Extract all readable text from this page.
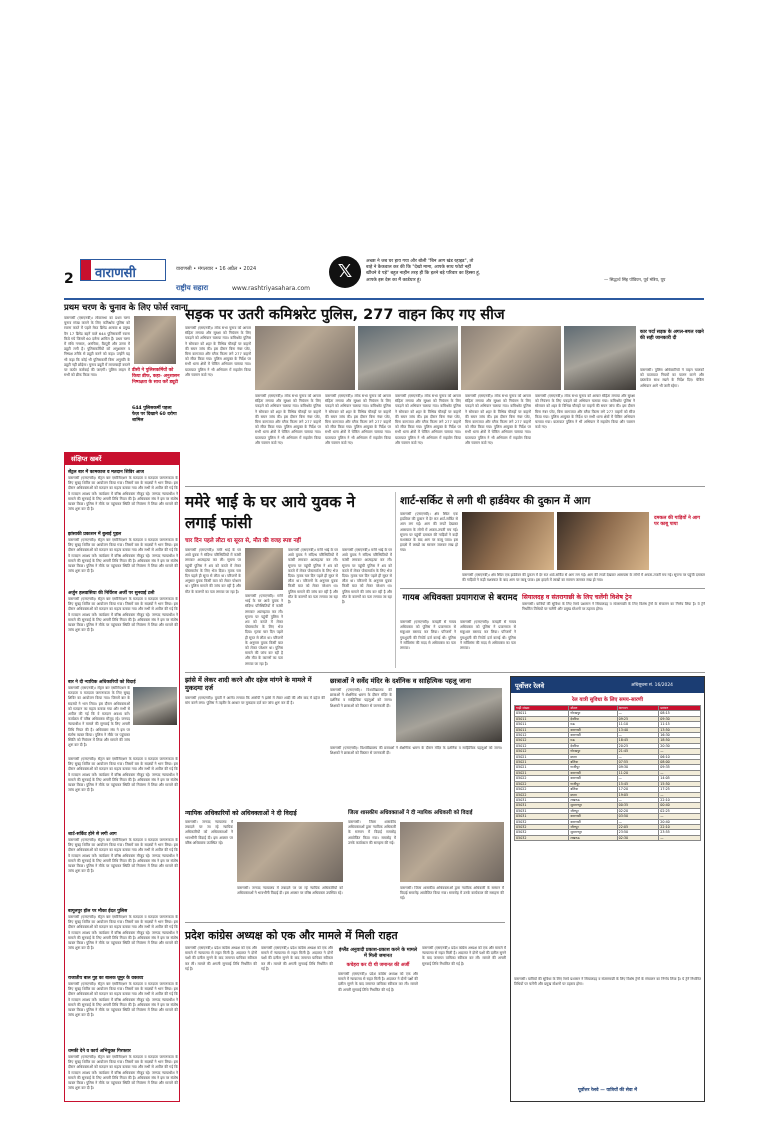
2 वाराणसी	वाराणसी • मंगलवार • 16 अप्रैल • 2024
राष्ट्रीय सहारा	www.rashtriyasahara.com
𝕏	अच्छा ने जब घर हाय गया और बोली "बिन आग खंड रहाइड", तो
बाहे ने कैकवाल कर की कि "देखो मामा, आपके साथ फोटो नहीं
खींचने वे पड़े" बहुत नाहीन तरह ही कि इतने बड़े परिवार का हिस्सा हूं,
आपके इस देस का मैं कार्डधार हूं।	— सिद्धार्थ सिंह पॉडियन, पूर्व मंत्रिय, यूप
प्रथम चरण के चुनाव के लिए फोर्स रवाना
वाराणसी (एसएनबी)। लोकसभा का प्रथम चरण चुनाव संपन्न कराने के लिए कमिश्नरेट पुलिस को रवाना करते में पहले मेरठ ब्रिगेड अलावा 6 प्रमुख वैन 17 ब्रिगेड बहनें वाले 644 पुलिसकर्मी रवाना किये गये जिसमें 60 दरोगा शामिल हैं। प्रथम चरण में संधि नगराल, अनचित्रा, बैंदपुरी और उत्तरा में ड्यूटी लगी है। पुलिसकर्मियों को अनुशासन व निष्पक्ष तरीके से ड्यूटी करने को कहा। उन्होंने यह भी कहा कि कोई भी पुलिसकर्मी बिना अनुमति के ड्यूटी नहीं छोड़ेगा। चुनाव ड्यूटी में लापरवाही बरतने पर कठोर कार्रवाई की जाएगी। पुलिस लाइन में सभी को ब्रीफ किया गया।
डीसी ने पुलिसकर्मियों को किया ब्रीफ, कहा- अनुशासन निष्पक्षता के साथ करें ड्यूटी
644 पुलिसकर्मी पहला फेज़ पर दिखाने 60 दरोगा शामिल
संक्षिप्त खबरें
सेंट्रल बार में कामकाज व मतदान शिविर आज
वाराणसी (एसएनबी)। सेंट्रल बार एसोसिएशन के मतदाता व मतदाता जागरूकता के लिए सुबह शिविर का आयोजन किया गया। जिसमें बार के सदस्यों ने भाग लिया। इस दौरान अधिवक्ताओं को मतदान का महत्व बताया गया और सभी से अपील की गई कि वे मतदान अवश्य करें। कार्यक्रम में वरिष्ठ अधिवक्ता मौजूद रहे। जनपद न्यायाधीश ने मामले की सुनवाई के लिए अगली तिथि नियत की है। अधिवक्ता संघ ने इस पर संतोष व्यक्त किया। पुलिस ने मौके पर पहुंचकर स्थिति को नियंत्रण में लिया और मामले की जांच शुरू कर दी है।
झांसाकी प्रकाशन में बुलाई पुहल
वाराणसी (एसएनबी)। सेंट्रल बार एसोसिएशन के मतदाता व मतदाता जागरूकता के लिए सुबह शिविर का आयोजन किया गया। जिसमें बार के सदस्यों ने भाग लिया। इस दौरान अधिवक्ताओं को मतदान का महत्व बताया गया और सभी से अपील की गई कि वे मतदान अवश्य करें। कार्यक्रम में वरिष्ठ अधिवक्ता मौजूद रहे। जनपद न्यायाधीश ने मामले की सुनवाई के लिए अगली तिथि नियत की है। अधिवक्ता संघ ने इस पर संतोष व्यक्त किया। पुलिस ने मौके पर पहुंचकर स्थिति को नियंत्रण में लिया और मामले की जांच शुरू कर दी है।
अर्जुन हलवासिया की निर्विरज अर्जी पर सुनवाई टली
वाराणसी (एसएनबी)। सेंट्रल बार एसोसिएशन के मतदाता व मतदाता जागरूकता के लिए सुबह शिविर का आयोजन किया गया। जिसमें बार के सदस्यों ने भाग लिया। इस दौरान अधिवक्ताओं को मतदान का महत्व बताया गया और सभी से अपील की गई कि वे मतदान अवश्य करें। कार्यक्रम में वरिष्ठ अधिवक्ता मौजूद रहे। जनपद न्यायाधीश ने मामले की सुनवाई के लिए अगली तिथि नियत की है। अधिवक्ता संघ ने इस पर संतोष व्यक्त किया। पुलिस ने मौके पर पहुंचकर स्थिति को नियंत्रण में लिया और मामले की जांच शुरू कर दी है।
बार ने दी न्यायिक अधिकारियों को विदाई
वाराणसी (एसएनबी)। सेंट्रल बार एसोसिएशन के मतदाता व मतदाता जागरूकता के लिए सुबह शिविर का आयोजन किया गया। जिसमें बार के सदस्यों ने भाग लिया। इस दौरान अधिवक्ताओं को मतदान का महत्व बताया गया और सभी से अपील की गई कि वे मतदान अवश्य करें। कार्यक्रम में वरिष्ठ अधिवक्ता मौजूद रहे। जनपद न्यायाधीश ने मामले की सुनवाई के लिए अगली तिथि नियत की है। अधिवक्ता संघ ने इस पर संतोष व्यक्त किया। पुलिस ने मौके पर पहुंचकर स्थिति को नियंत्रण में लिया और मामले की जांच शुरू कर दी है।
वाराणसी (एसएनबी)। सेंट्रल बार एसोसिएशन के मतदाता व मतदाता जागरूकता के लिए सुबह शिविर का आयोजन किया गया। जिसमें बार के सदस्यों ने भाग लिया। इस दौरान अधिवक्ताओं को मतदान का महत्व बताया गया और सभी से अपील की गई कि वे मतदान अवश्य करें। कार्यक्रम में वरिष्ठ अधिवक्ता मौजूद रहे। जनपद न्यायाधीश ने मामले की सुनवाई के लिए अगली तिथि नियत की है। अधिवक्ता संघ ने इस पर संतोष व्यक्त किया। पुलिस ने मौके पर पहुंचकर स्थिति को नियंत्रण में लिया और मामले की जांच शुरू कर दी है।
शार्ट-सर्किट होने से लगी आग
वाराणसी (एसएनबी)। सेंट्रल बार एसोसिएशन के मतदाता व मतदाता जागरूकता के लिए सुबह शिविर का आयोजन किया गया। जिसमें बार के सदस्यों ने भाग लिया। इस दौरान अधिवक्ताओं को मतदान का महत्व बताया गया और सभी से अपील की गई कि वे मतदान अवश्य करें। कार्यक्रम में वरिष्ठ अधिवक्ता मौजूद रहे। जनपद न्यायाधीश ने मामले की सुनवाई के लिए अगली तिथि नियत की है। अधिवक्ता संघ ने इस पर संतोष व्यक्त किया। पुलिस ने मौके पर पहुंचकर स्थिति को नियंत्रण में लिया और मामले की जांच शुरू कर दी है।
बागूलपुर हॉल पर मौका ईदत पुलिस
वाराणसी (एसएनबी)। सेंट्रल बार एसोसिएशन के मतदाता व मतदाता जागरूकता के लिए सुबह शिविर का आयोजन किया गया। जिसमें बार के सदस्यों ने भाग लिया। इस दौरान अधिवक्ताओं को मतदान का महत्व बताया गया और सभी से अपील की गई कि वे मतदान अवश्य करें। कार्यक्रम में वरिष्ठ अधिवक्ता मौजूद रहे। जनपद न्यायाधीश ने मामले की सुनवाई के लिए अगली तिथि नियत की है। अधिवक्ता संघ ने इस पर संतोष व्यक्त किया। पुलिस ने मौके पर पहुंचकर स्थिति को नियंत्रण में लिया और मामले की जांच शुरू कर दी है।
राजातीय बाल गुह का बालक घूमुर के वक्तव्य
वाराणसी (एसएनबी)। सेंट्रल बार एसोसिएशन के मतदाता व मतदाता जागरूकता के लिए सुबह शिविर का आयोजन किया गया। जिसमें बार के सदस्यों ने भाग लिया। इस दौरान अधिवक्ताओं को मतदान का महत्व बताया गया और सभी से अपील की गई कि वे मतदान अवश्य करें। कार्यक्रम में वरिष्ठ अधिवक्ता मौजूद रहे। जनपद न्यायाधीश ने मामले की सुनवाई के लिए अगली तिथि नियत की है। अधिवक्ता संघ ने इस पर संतोष व्यक्त किया। पुलिस ने मौके पर पहुंचकर स्थिति को नियंत्रण में लिया और मामले की जांच शुरू कर दी है।
धमकी देने व कार्य अभियुक्त गिरफ्तार
वाराणसी (एसएनबी)। सेंट्रल बार एसोसिएशन के मतदाता व मतदाता जागरूकता के लिए सुबह शिविर का आयोजन किया गया। जिसमें बार के सदस्यों ने भाग लिया। इस दौरान अधिवक्ताओं को मतदान का महत्व बताया गया और सभी से अपील की गई कि वे मतदान अवश्य करें। कार्यक्रम में वरिष्ठ अधिवक्ता मौजूद रहे। जनपद न्यायाधीश ने मामले की सुनवाई के लिए अगली तिथि नियत की है। अधिवक्ता संघ ने इस पर संतोष व्यक्त किया। पुलिस ने मौके पर पहुंचकर स्थिति को नियंत्रण में लिया और मामले की जांच शुरू कर दी है।
सड़क पर उतरी कमिश्नरेट पुलिस, 277 वाहन किए गए सीज
वाराणसी (एसएनबी)। लोक सभा चुनाव को आचार संहिता लगाया और सुरक्षा को नियंत्रण के लिए पकड़ने को अभियान चलाया गया। कमिश्नरेट पुलिस ने सोमवार को शहर के विभिन्न चौराहों पर वाहनों की सघन जांच की। इस दौरान बिना नंबर प्लेट, बिना कागजात और ब्लैक फिल्म लगे 277 वाहनों को सीज किया गया। पुलिस आयुक्त के निर्देश पर सभी थाना क्षेत्रों में चेकिंग अभियान चलाया गया। यातायात पुलिस ने भी अभियान में सहयोग किया और चालान काटे गए।
वाराणसी (एसएनबी)। लोक सभा चुनाव को आचार संहिता लगाया और सुरक्षा को नियंत्रण के लिए पकड़ने को अभियान चलाया गया। कमिश्नरेट पुलिस ने सोमवार को शहर के विभिन्न चौराहों पर वाहनों की सघन जांच की। इस दौरान बिना नंबर प्लेट, बिना कागजात और ब्लैक फिल्म लगे 277 वाहनों को सीज किया गया। पुलिस आयुक्त के निर्देश पर सभी थाना क्षेत्रों में चेकिंग अभियान चलाया गया। यातायात पुलिस ने भी अभियान में सहयोग किया और चालान काटे गए।
वाराणसी (एसएनबी)। लोक सभा चुनाव को आचार संहिता लगाया और सुरक्षा को नियंत्रण के लिए पकड़ने को अभियान चलाया गया। कमिश्नरेट पुलिस ने सोमवार को शहर के विभिन्न चौराहों पर वाहनों की सघन जांच की। इस दौरान बिना नंबर प्लेट, बिना कागजात और ब्लैक फिल्म लगे 277 वाहनों को सीज किया गया। पुलिस आयुक्त के निर्देश पर सभी थाना क्षेत्रों में चेकिंग अभियान चलाया गया। यातायात पुलिस ने भी अभियान में सहयोग किया और चालान काटे गए।
वाराणसी (एसएनबी)। लोक सभा चुनाव को आचार संहिता लगाया और सुरक्षा को नियंत्रण के लिए पकड़ने को अभियान चलाया गया। कमिश्नरेट पुलिस ने सोमवार को शहर के विभिन्न चौराहों पर वाहनों की सघन जांच की। इस दौरान बिना नंबर प्लेट, बिना कागजात और ब्लैक फिल्म लगे 277 वाहनों को सीज किया गया। पुलिस आयुक्त के निर्देश पर सभी थाना क्षेत्रों में चेकिंग अभियान चलाया गया। यातायात पुलिस ने भी अभियान में सहयोग किया और चालान काटे गए।
वाराणसी (एसएनबी)। लोक सभा चुनाव को आचार संहिता लगाया और सुरक्षा को नियंत्रण के लिए पकड़ने को अभियान चलाया गया। कमिश्नरेट पुलिस ने सोमवार को शहर के विभिन्न चौराहों पर वाहनों की सघन जांच की। इस दौरान बिना नंबर प्लेट, बिना कागजात और ब्लैक फिल्म लगे 277 वाहनों को सीज किया गया। पुलिस आयुक्त के निर्देश पर सभी थाना क्षेत्रों में चेकिंग अभियान चलाया गया। यातायात पुलिस ने भी अभियान में सहयोग किया और चालान काटे गए।
वाराणसी (एसएनबी)। लोक सभा चुनाव को आचार संहिता लगाया और सुरक्षा को नियंत्रण के लिए पकड़ने को अभियान चलाया गया। कमिश्नरेट पुलिस ने सोमवार को शहर के विभिन्न चौराहों पर वाहनों की सघन जांच की। इस दौरान बिना नंबर प्लेट, बिना कागजात और ब्लैक फिल्म लगे 277 वाहनों को सीज किया गया। पुलिस आयुक्त के निर्देश पर सभी थाना क्षेत्रों में चेकिंग अभियान चलाया गया। यातायात पुलिस ने भी अभियान में सहयोग किया और चालान काटे गए।
कार पर्दा सड़क के अगल-बगल रखने की सही जानकारी दी
वाराणसी। पुलिस अधिकारियों ने वाहन चालकों को यातायात नियमों का पालन करने और दस्तावेज साथ रखने के निर्देश दिए। चेकिंग अभियान आगे भी जारी रहेगा।
ममेरे भाई के घर आये युवक ने लगाई फांसी
चार दिन पहले लौटा था सूरत से, मौत की वजह स्पष्ट नहीं
वाराणसी (एसएनबी)। ममेरे भाई के घर आये युवक ने संदिग्ध परिस्थितियों में फांसी लगाकर आत्महत्या कर ली। सूचना पर पहुंची पुलिस ने शव को कब्जे में लेकर पोस्टमार्टम के लिए भेज दिया। मृतक चार दिन पहले ही सूरत से लौटा था। परिजनों के अनुसार युवक किसी बात को लेकर परेशान था। पुलिस मामले की जांच कर रही है और मौत के कारणों का पता लगाया जा रहा है।
वाराणसी (एसएनबी)। ममेरे भाई के घर आये युवक ने संदिग्ध परिस्थितियों में फांसी लगाकर आत्महत्या कर ली। सूचना पर पहुंची पुलिस ने शव को कब्जे में लेकर पोस्टमार्टम के लिए भेज दिया। मृतक चार दिन पहले ही सूरत से लौटा था। परिजनों के अनुसार युवक किसी बात को लेकर परेशान था। पुलिस मामले की जांच कर रही है और मौत के कारणों का पता लगाया जा रहा है।
वाराणसी (एसएनबी)। ममेरे भाई के घर आये युवक ने संदिग्ध परिस्थितियों में फांसी लगाकर आत्महत्या कर ली। सूचना पर पहुंची पुलिस ने शव को कब्जे में लेकर पोस्टमार्टम के लिए भेज दिया। मृतक चार दिन पहले ही सूरत से लौटा था। परिजनों के अनुसार युवक किसी बात को लेकर परेशान था। पुलिस मामले की जांच कर रही है और मौत के कारणों का पता लगाया जा रहा है।
वाराणसी (एसएनबी)। ममेरे भाई के घर आये युवक ने संदिग्ध परिस्थितियों में फांसी लगाकर आत्महत्या कर ली। सूचना पर पहुंची पुलिस ने शव को कब्जे में लेकर पोस्टमार्टम के लिए भेज दिया। मृतक चार दिन पहले ही सूरत से लौटा था। परिजनों के अनुसार युवक किसी बात को लेकर परेशान था। पुलिस मामले की जांच कर रही है और मौत के कारणों का पता लगाया जा रहा है।
शार्ट-सर्किट से लगी थी हार्डवेयर की दुकान में आग
वाराणसी (एसएनबी)। क्षेत्र स्थित एक हार्डवेयर की दुकान में देर रात शार्ट-सर्किट से आग लग गई। आग की लपटें देखकर आसपास के लोगों में अफरा-तफरी मच गई। सूचना पर पहुंची दमकल की गाड़ियों ने कड़ी मशक्कत के बाद आग पर काबू पाया। इस हादसे में लाखों का सामान जलकर राख हो गया।
दमकल की गाड़ियों ने आग पर काबू पाया
वाराणसी (एसएनबी)। क्षेत्र स्थित एक हार्डवेयर की दुकान में देर रात शार्ट-सर्किट से आग लग गई। आग की लपटें देखकर आसपास के लोगों में अफरा-तफरी मच गई। सूचना पर पहुंची दमकल की गाड़ियों ने कड़ी मशक्कत के बाद आग पर काबू पाया। इस हादसे में लाखों का सामान जलकर राख हो गया।
गायब अधिवक्ता प्रयागराज से बरामद
वाराणसी (एसएनबी)। कचहरी से गायब अधिवक्ता को पुलिस ने प्रयागराज से सकुशल बरामद कर लिया। परिजनों ने गुमशुदगी की रिपोर्ट दर्ज कराई थी। पुलिस ने सर्विलांस की मदद से अधिवक्ता का पता लगाया।
वाराणसी (एसएनबी)। कचहरी से गायब अधिवक्ता को पुलिस ने प्रयागराज से सकुशल बरामद कर लिया। परिजनों ने गुमशुदगी की रिपोर्ट दर्ज कराई थी। पुलिस ने सर्विलांस की मदद से अधिवक्ता का पता लगाया।
सियालदह व संतरागाछी के लिए चलेंगी विशेष ट्रेन
वाराणसी। यात्रियों की सुविधा के लिए रेलवे प्रशासन ने सियालदह व संतरागाछी के लिए विशेष ट्रेनों के संचालन का निर्णय लिया है। ये ट्रेनें निर्धारित तिथियों पर चलेंगी और प्रमुख स्टेशनों पर ठहराव होगा।
झांसे में लेकर शादी करने और दहेज मांगने के मामले में मुकदमा दर्ज
वाराणसी (एसएनबी)। युवती ने आरोप लगाया कि आरोपी ने झांसे में लेकर शादी की और बाद में दहेज की मांग करने लगा। पुलिस ने तहरीर के आधार पर मुकदमा दर्ज कर जांच शुरू कर दी है।
छात्राओं ने सर्वेद मंदिर के दर्शनिक व साहित्यिक पहलू जाना
वाराणसी (एसएनबी)। विश्वविद्यालय की छात्राओं ने शैक्षणिक भ्रमण के दौरान मंदिर के दर्शनिक व साहित्यिक पहलुओं को जाना। शिक्षकों ने छात्राओं को विस्तार से जानकारी दी।
वाराणसी (एसएनबी)। विश्वविद्यालय की छात्राओं ने शैक्षणिक भ्रमण के दौरान मंदिर के दर्शनिक व साहित्यिक पहलुओं को जाना। शिक्षकों ने छात्राओं को विस्तार से जानकारी दी।
न्यायिक अधिकारियों को अधिवक्ताओं ने दी विदाई
वाराणसी। जनपद न्यायालय में तबादले पर जा रहे न्यायिक अधिकारियों को अधिवक्ताओं ने भावभीनी विदाई दी। इस अवसर पर वरिष्ठ अधिवक्ता उपस्थित रहे।
वाराणसी। जनपद न्यायालय में तबादले पर जा रहे न्यायिक अधिकारियों को अधिवक्ताओं ने भावभीनी विदाई दी। इस अवसर पर वरिष्ठ अधिवक्ता उपस्थित रहे।
जिला शासकीय अधिवक्ताओं ने दी न्यायिक अधिकारी को विदाई
वाराणसी। जिला शासकीय अधिवक्ताओं द्वारा न्यायिक अधिकारी के सम्मान में विदाई समारोह आयोजित किया गया। समारोह में उनके कार्यकाल की सराहना की गई।
वाराणसी। जिला शासकीय अधिवक्ताओं द्वारा न्यायिक अधिकारी के सम्मान में विदाई समारोह आयोजित किया गया। समारोह में उनके कार्यकाल की सराहना की गई।
पूर्वोत्तर रेलवे	अधिसूचना सं. 16/2024
रेल यात्री सुविधा के लिए समय-सारणी
गाड़ी संख्या	स्टेशन	आगमन	प्रस्थान
05011	गोरखपुर	—	08:15
05011	देवरिया	09:25	09:30
05011	मऊ	11:10	11:15
05011	वाराणसी	13:40	13:50
05012	वाराणसी	—	16:30
05012	मऊ	18:45	18:50
05012	देवरिया	20:25	20:30
05012	गोरखपुर	21:45	—
05021	छपरा	—	06:10
05021	बलिया	07:55	08:00
05021	गाजीपुर	09:30	09:35
05021	वाराणसी	11:20	—
05022	वाराणसी	—	14:05
05022	गाजीपुर	15:45	15:50
05022	बलिया	17:20	17:25
05022	छपरा	19:05	—
05031	लखनऊ	—	22:10
05031	सुल्तानपुर	00:35	00:40
05031	जौनपुर	02:20	02:25
05031	वाराणसी	03:50	—
05032	वाराणसी	—	20:40
05032	जौनपुर	22:05	22:10
05032	सुल्तानपुर	23:50	23:55
05032	लखनऊ	02:30	—
वाराणसी। यात्रियों की सुविधा के लिए रेलवे प्रशासन ने सियालदह व संतरागाछी के लिए विशेष ट्रेनों के संचालन का निर्णय लिया है। ये ट्रेनें निर्धारित तिथियों पर चलेंगी और प्रमुख स्टेशनों पर ठहराव होगा।
पूर्वोत्तर रेलवे — यात्रियों की सेवा में
प्रदेश कांग्रेस अध्यक्ष को एक और मामले में मिली राहत
वाराणसी (एसएनबी)। प्रदेश कांग्रेस अध्यक्ष को एक और मामले में न्यायालय से राहत मिली है। अदालत ने दोनों पक्षों की दलील सुनने के बाद जमानत याचिका स्वीकार कर ली। मामले की अगली सुनवाई तिथि निर्धारित की गई है।
वाराणसी (एसएनबी)। प्रदेश कांग्रेस अध्यक्ष को एक और मामले में न्यायालय से राहत मिली है। अदालत ने दोनों पक्षों की दलील सुनने के बाद जमानत याचिका स्वीकार कर ली। मामले की अगली सुनवाई तिथि निर्धारित की गई है।
इंग्लैंड अनुवादी प्रकाश-प्रकाश करने के मामले में मिली जमानत
कचेहरा कर दी थी जमानत की अर्जी
वाराणसी (एसएनबी)। प्रदेश कांग्रेस अध्यक्ष को एक और मामले में न्यायालय से राहत मिली है। अदालत ने दोनों पक्षों की दलील सुनने के बाद जमानत याचिका स्वीकार कर ली। मामले की अगली सुनवाई तिथि निर्धारित की गई है।
वाराणसी (एसएनबी)। प्रदेश कांग्रेस अध्यक्ष को एक और मामले में न्यायालय से राहत मिली है। अदालत ने दोनों पक्षों की दलील सुनने के बाद जमानत याचिका स्वीकार कर ली। मामले की अगली सुनवाई तिथि निर्धारित की गई है।
